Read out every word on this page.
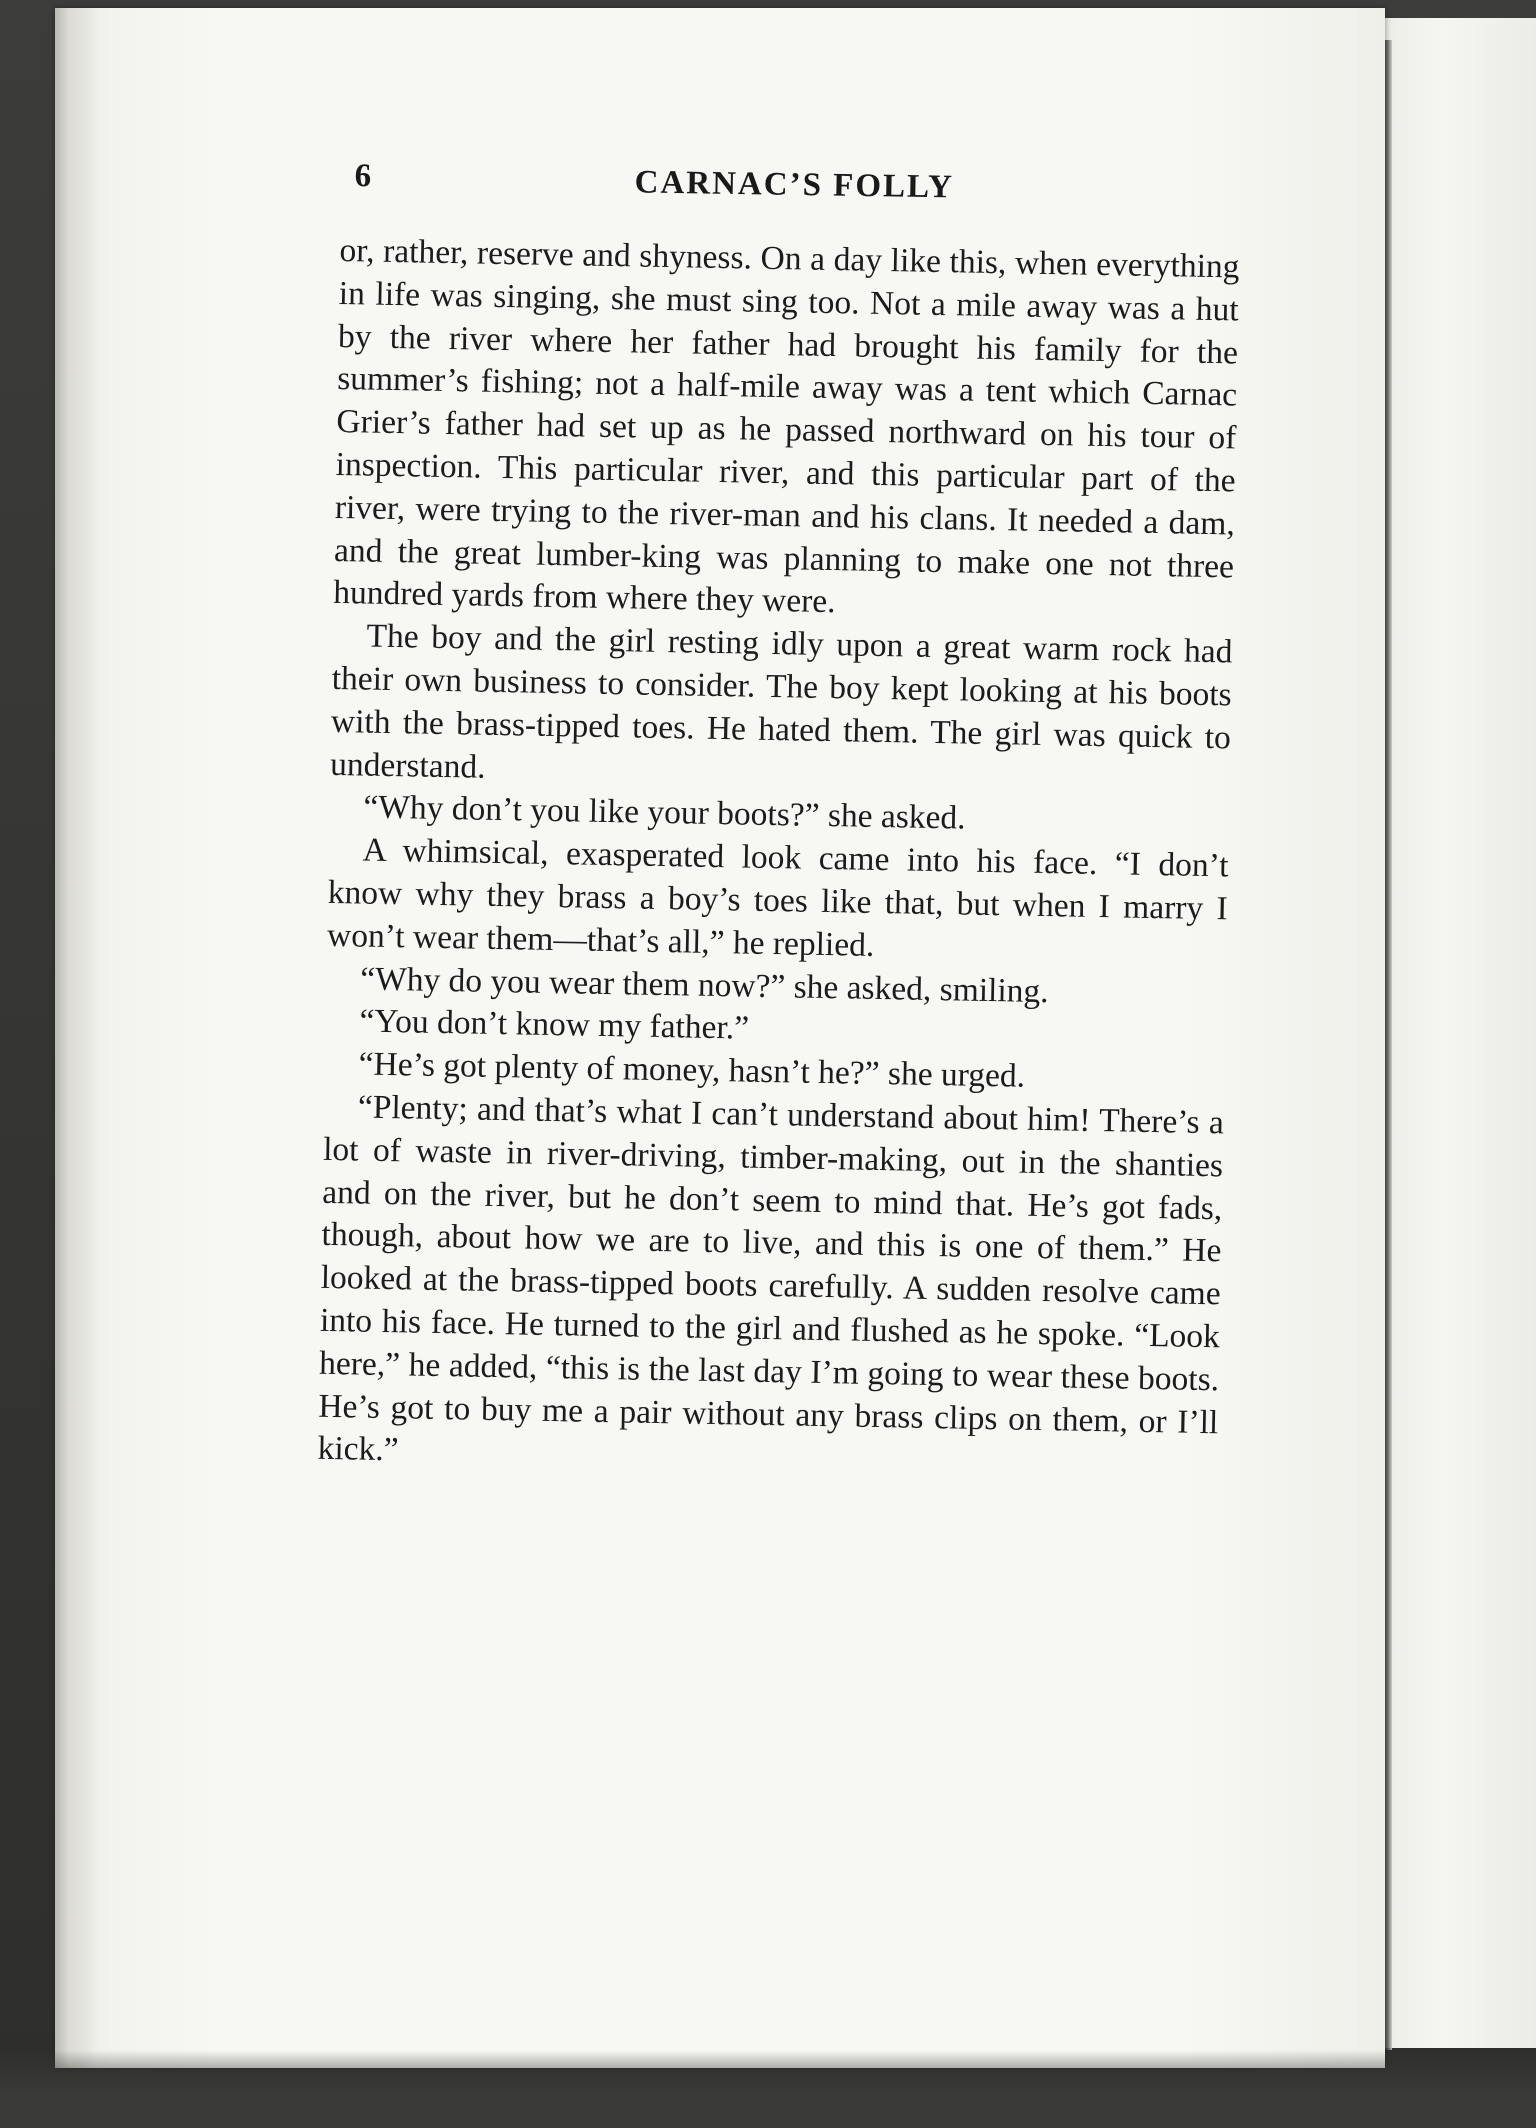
6	CARNAC’S FOLLY

or, rather, reserve and shyness. On a day like this, when everything in life was singing, she must sing too. Not a mile away was a hut by the river where her father had brought his family for the summer’s fishing; not a half-mile away was a tent which Carnac Grier’s father had set up as he passed northward on his tour of inspection. This particular river, and this particular part of the river, were trying to the river-man and his clans. It needed a dam, and the great lumber-king was planning to make one not three hundred yards from where they were.

The boy and the girl resting idly upon a great warm rock had their own business to consider. The boy kept looking at his boots with the brass-tipped toes. He hated them. The girl was quick to understand.

“Why don’t you like your boots?” she asked.

A whimsical, exasperated look came into his face. “I don’t know why they brass a boy’s toes like that, but when I marry I won’t wear them—that’s all,” he replied.

“Why do you wear them now?” she asked, smiling.

“You don’t know my father.”

“He’s got plenty of money, hasn’t he?” she urged.

“Plenty; and that’s what I can’t understand about him! There’s a lot of waste in river-driving, timber-making, out in the shanties and on the river, but he don’t seem to mind that. He’s got fads, though, about how we are to live, and this is one of them.” He looked at the brass-tipped boots carefully. A sudden resolve came into his face. He turned to the girl and flushed as he spoke. “Look here,” he added, “this is the last day I’m going to wear these boots. He’s got to buy me a pair without any brass clips on them, or I’ll kick.”
